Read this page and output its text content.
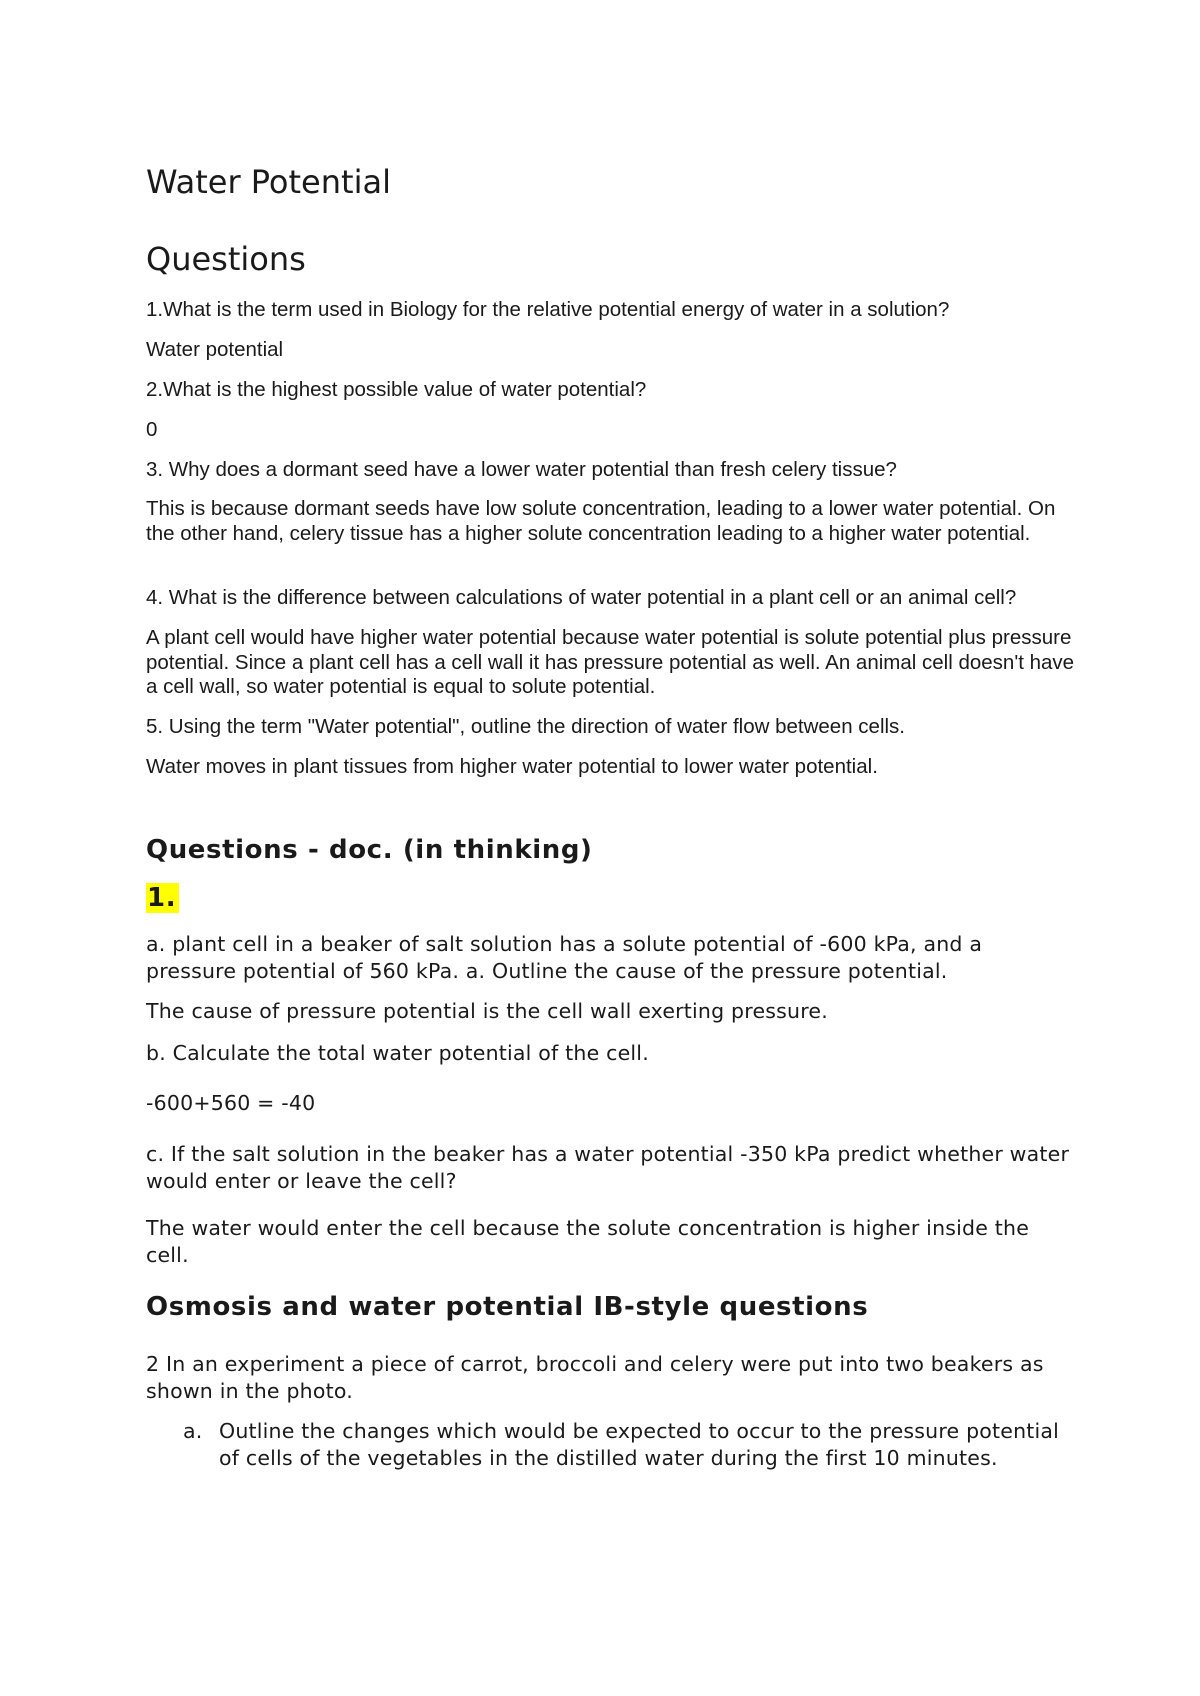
Water Potential
Questions

1.What is the term used in Biology for the relative potential energy of water in a solution?

Water potential

2.What is the highest possible value of water potential?

0

3. Why does a dormant seed have a lower water potential than fresh celery tissue?

This is because dormant seeds have low solute concentration, leading to a lower water potential. On the other hand, celery tissue has a higher solute concentration leading to a higher water potential.

4. What is the difference between calculations of water potential in a plant cell or an animal cell?

A plant cell would have higher water potential because water potential is solute potential plus pressure potential. Since a plant cell has a cell wall it has pressure potential as well. An animal cell doesn't have a cell wall, so water potential is equal to solute potential.

5. Using the term "Water potential", outline the direction of water flow between cells.

Water moves in plant tissues from higher water potential to lower water potential.

Questions - doc. (in thinking)
1.

a. plant cell in a beaker of salt solution has a solute potential of -600 kPa, and a pressure potential of 560 kPa. a. Outline the cause of the pressure potential.

The cause of pressure potential is the cell wall exerting pressure.

b. Calculate the total water potential of the cell.

-600+560 = -40

c. If the salt solution in the beaker has a water potential -350 kPa predict whether water would enter or leave the cell?

The water would enter the cell because the solute concentration is higher inside the cell.

Osmosis and water potential IB-style questions

2 In an experiment a piece of carrot, broccoli and celery were put into two beakers as shown in the photo.

a. Outline the changes which would be expected to occur to the pressure potential of cells of the vegetables in the distilled water during the first 10 minutes.
